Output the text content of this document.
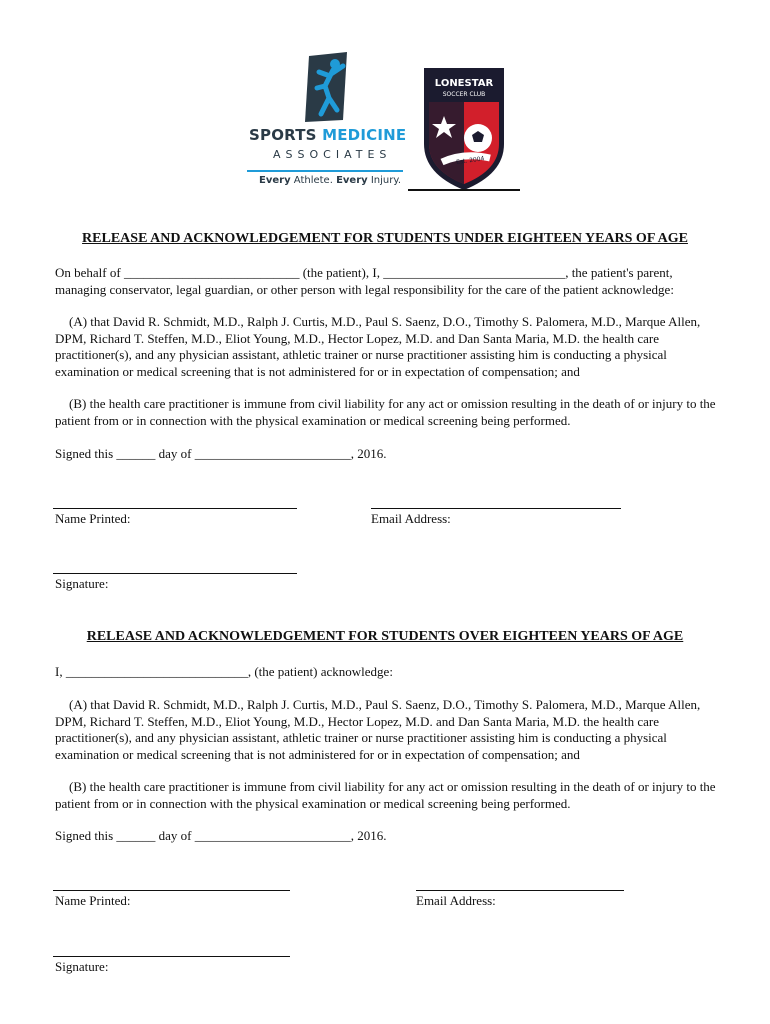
SPORTS MEDICINE
ASSOCIATES
Every Athlete. Every Injury.
Est. 2004
LONESTAR
SOCCER CLUB
RELEASE AND ACKNOWLEDGEMENT FOR STUDENTS UNDER EIGHTEEN YEARS OF AGE

On behalf of ___________________________ (the patient), I, ____________________________, the patient's parent, managing conservator, legal guardian, or other person with legal responsibility for the care of the patient acknowledge:

(A) that David R. Schmidt, M.D., Ralph J. Curtis, M.D., Paul S. Saenz, D.O., Timothy S. Palomera, M.D., Marque Allen, DPM, Richard T. Steffen, M.D., Eliot Young, M.D., Hector Lopez, M.D. and Dan Santa Maria, M.D. the health care practitioner(s), and any physician assistant, athletic trainer or nurse practitioner assisting him is conducting a physical examination or medical screening that is not administered for or in expectation of compensation; and

(B) the health care practitioner is immune from civil liability for any act or omission resulting in the death of or injury to the patient from or in connection with the physical examination or medical screening being performed.

Signed this ______ day of ________________________, 2016.

Name Printed:	Email Address:
Signature:
RELEASE AND ACKNOWLEDGEMENT FOR STUDENTS OVER EIGHTEEN YEARS OF AGE

I, ____________________________, (the patient) acknowledge:

(A) that David R. Schmidt, M.D., Ralph J. Curtis, M.D., Paul S. Saenz, D.O., Timothy S. Palomera, M.D., Marque Allen, DPM, Richard T. Steffen, M.D., Eliot Young, M.D., Hector Lopez, M.D. and Dan Santa Maria, M.D. the health care practitioner(s), and any physician assistant, athletic trainer or nurse practitioner assisting him is conducting a physical examination or medical screening that is not administered for or in expectation of compensation; and

(B) the health care practitioner is immune from civil liability for any act or omission resulting in the death of or injury to the patient from or in connection with the physical examination or medical screening being performed.

Signed this ______ day of ________________________, 2016.

Name Printed:	Email Address:
Signature:
